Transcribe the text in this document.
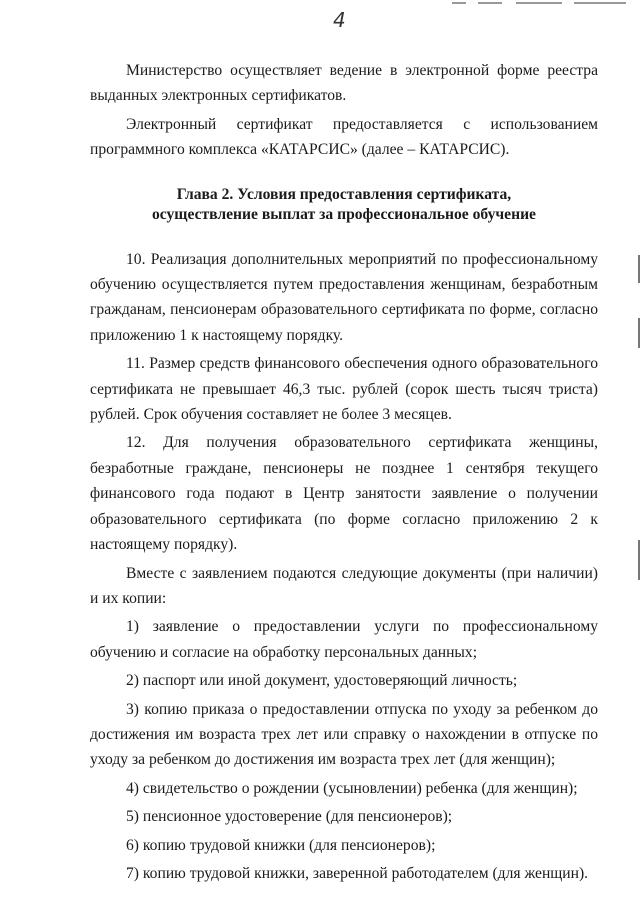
4

Министерство осуществляет ведение в электронной форме реестра выданных электронных сертификатов.

Электронный сертификат предоставляется с использованием программного комплекса «КАТАРСИС» (далее – КАТАРСИС).

Глава 2. Условия предоставления сертификата,
осуществление выплат за профессиональное обучение

10. Реализация дополнительных мероприятий по профессиональному обучению осуществляется путем предоставления женщинам, безработным гражданам, пенсионерам образовательного сертификата по форме, согласно приложению 1 к настоящему порядку.

11. Размер средств финансового обеспечения одного образовательного сертификата не превышает 46,3 тыс. рублей (сорок шесть тысяч триста) рублей. Срок обучения составляет не более 3 месяцев.

12. Для получения образовательного сертификата женщины, безработные граждане, пенсионеры не позднее 1 сентября текущего финансового года подают в Центр занятости заявление о получении образовательного сертификата (по форме согласно приложению 2 к настоящему порядку).

Вместе с заявлением подаются следующие документы (при наличии) и их копии:

1) заявление о предоставлении услуги по профессиональному обучению и согласие на обработку персональных данных;

2) паспорт или иной документ, удостоверяющий личность;

3) копию приказа о предоставлении отпуска по уходу за ребенком до достижения им возраста трех лет или справку о нахождении в отпуске по уходу за ребенком до достижения им возраста трех лет (для женщин);

4) свидетельство о рождении (усыновлении) ребенка (для женщин);

5) пенсионное удостоверение (для пенсионеров);

6) копию трудовой книжки (для пенсионеров);

7) копию трудовой книжки, заверенной работодателем (для женщин).
